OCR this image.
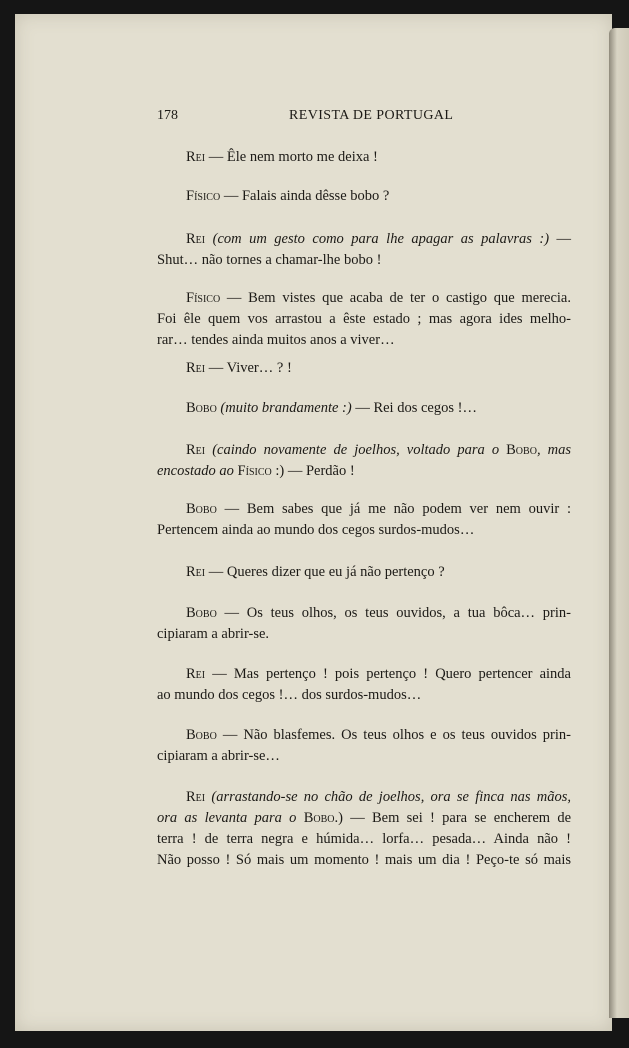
178	REVISTA DE PORTUGAL
Rei — Êle nem morto me deixa !
Físico — Falais ainda dêsse bobo ?
Rei (com um gesto como para lhe apagar as palavras :) —
Shut… não tornes a chamar-lhe bobo !
Físico — Bem vistes que acaba de ter o castigo que merecia.
Foi êle quem vos arrastou a êste estado ; mas agora ides melho-
rar… tendes ainda muitos anos a viver…
Rei — Viver… ? !
Bobo (muito brandamente :) — Rei dos cegos !…
Rei (caindo novamente de joelhos, voltado para o Bobo, mas
encostado ao Físico :) — Perdão !
Bobo — Bem sabes que já me não podem ver nem ouvir :
Pertencem ainda ao mundo dos cegos surdos-mudos…
Rei — Queres dizer que eu já não pertenço ?
Bobo — Os teus olhos, os teus ouvidos, a tua bôca… prin-
cipiaram a abrir-se.
Rei — Mas pertenço ! pois pertenço ! Quero pertencer ainda
ao mundo dos cegos !… dos surdos-mudos…
Bobo — Não blasfemes. Os teus olhos e os teus ouvidos prin-
cipiaram a abrir-se…
Rei (arrastando-se no chão de joelhos, ora se finca nas mãos,
ora as levanta para o Bobo.) — Bem sei ! para se encherem de
terra ! de terra negra e húmida… lorfa… pesada… Ainda não !
Não posso ! Só mais um momento ! mais um dia ! Peço-te só mais
